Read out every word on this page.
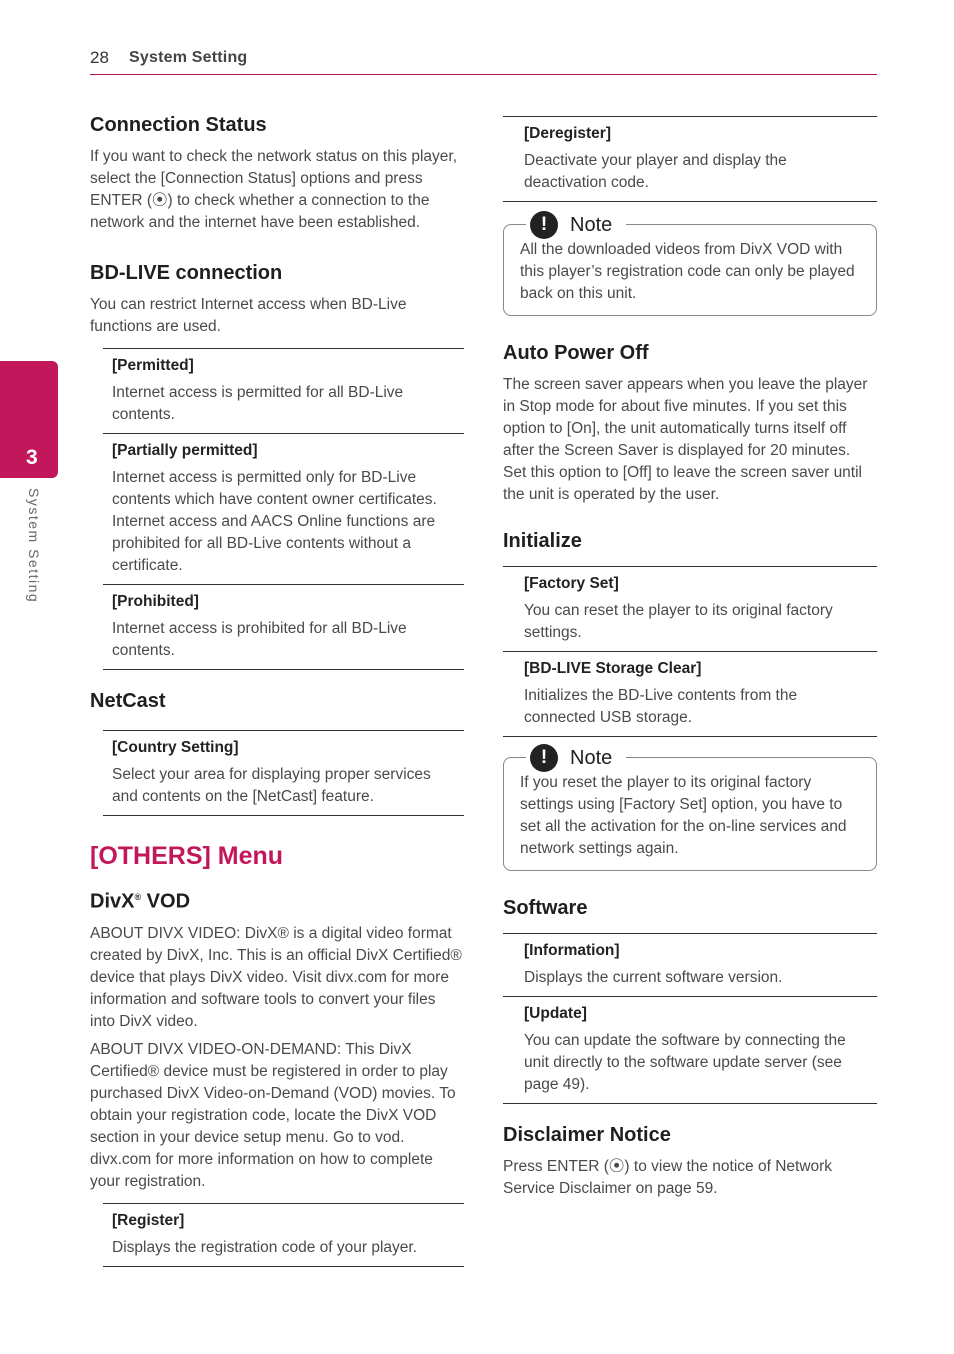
28 System Setting
3
System Setting
Connection Status

If you want to check the network status on this player, select the [Connection Status] options and press ENTER (⦿) to check whether a connection to the network and the internet have been established.

BD-LIVE connection

You can restrict Internet access when BD-Live functions are used.

[Permitted]
Internet access is permitted for all BD-Live contents.
[Partially permitted]
Internet access is permitted only for BD-Live contents which have content owner certificates. Internet access and AACS Online functions are prohibited for all BD-Live contents without a certificate.
[Prohibited]
Internet access is prohibited for all BD-Live contents.
NetCast
[Country Setting]
Select your area for displaying proper services and contents on the [NetCast] feature.
[OTHERS] Menu
DivX® VOD

ABOUT DIVX VIDEO: DivX® is a digital video format created by DivX, Inc. This is an official DivX Certified® device that plays DivX video. Visit divx.com for more information and software tools to convert your files into DivX video.

ABOUT DIVX VIDEO-ON-DEMAND: This DivX Certified® device must be registered in order to play purchased DivX Video-on-Demand (VOD) movies. To obtain your registration code, locate the DivX VOD section in your device setup menu. Go to vod. divx.com for more information on how to complete your registration.

[Register]
Displays the registration code of your player.
[Deregister]
Deactivate your player and display the deactivation code.
!	Note
All the downloaded videos from DivX VOD with this player’s registration code can only be played back on this unit.
Auto Power Off

The screen saver appears when you leave the player in Stop mode for about five minutes. If you set this option to [On], the unit automatically turns itself off after the Screen Saver is displayed for 20 minutes. Set this option to [Off] to leave the screen saver until the unit is operated by the user.

Initialize
[Factory Set]
You can reset the player to its original factory settings.
[BD-LIVE Storage Clear]
Initializes the BD-Live contents from the connected USB storage.
!	Note
If you reset the player to its original factory settings using [Factory Set] option, you have to set all the activation for the on-line services and network settings again.
Software
[Information]
Displays the current software version.
[Update]
You can update the software by connecting the unit directly to the software update server (see page 49).
Disclaimer Notice

Press ENTER (⦿) to view the notice of Network Service Disclaimer on page 59.
